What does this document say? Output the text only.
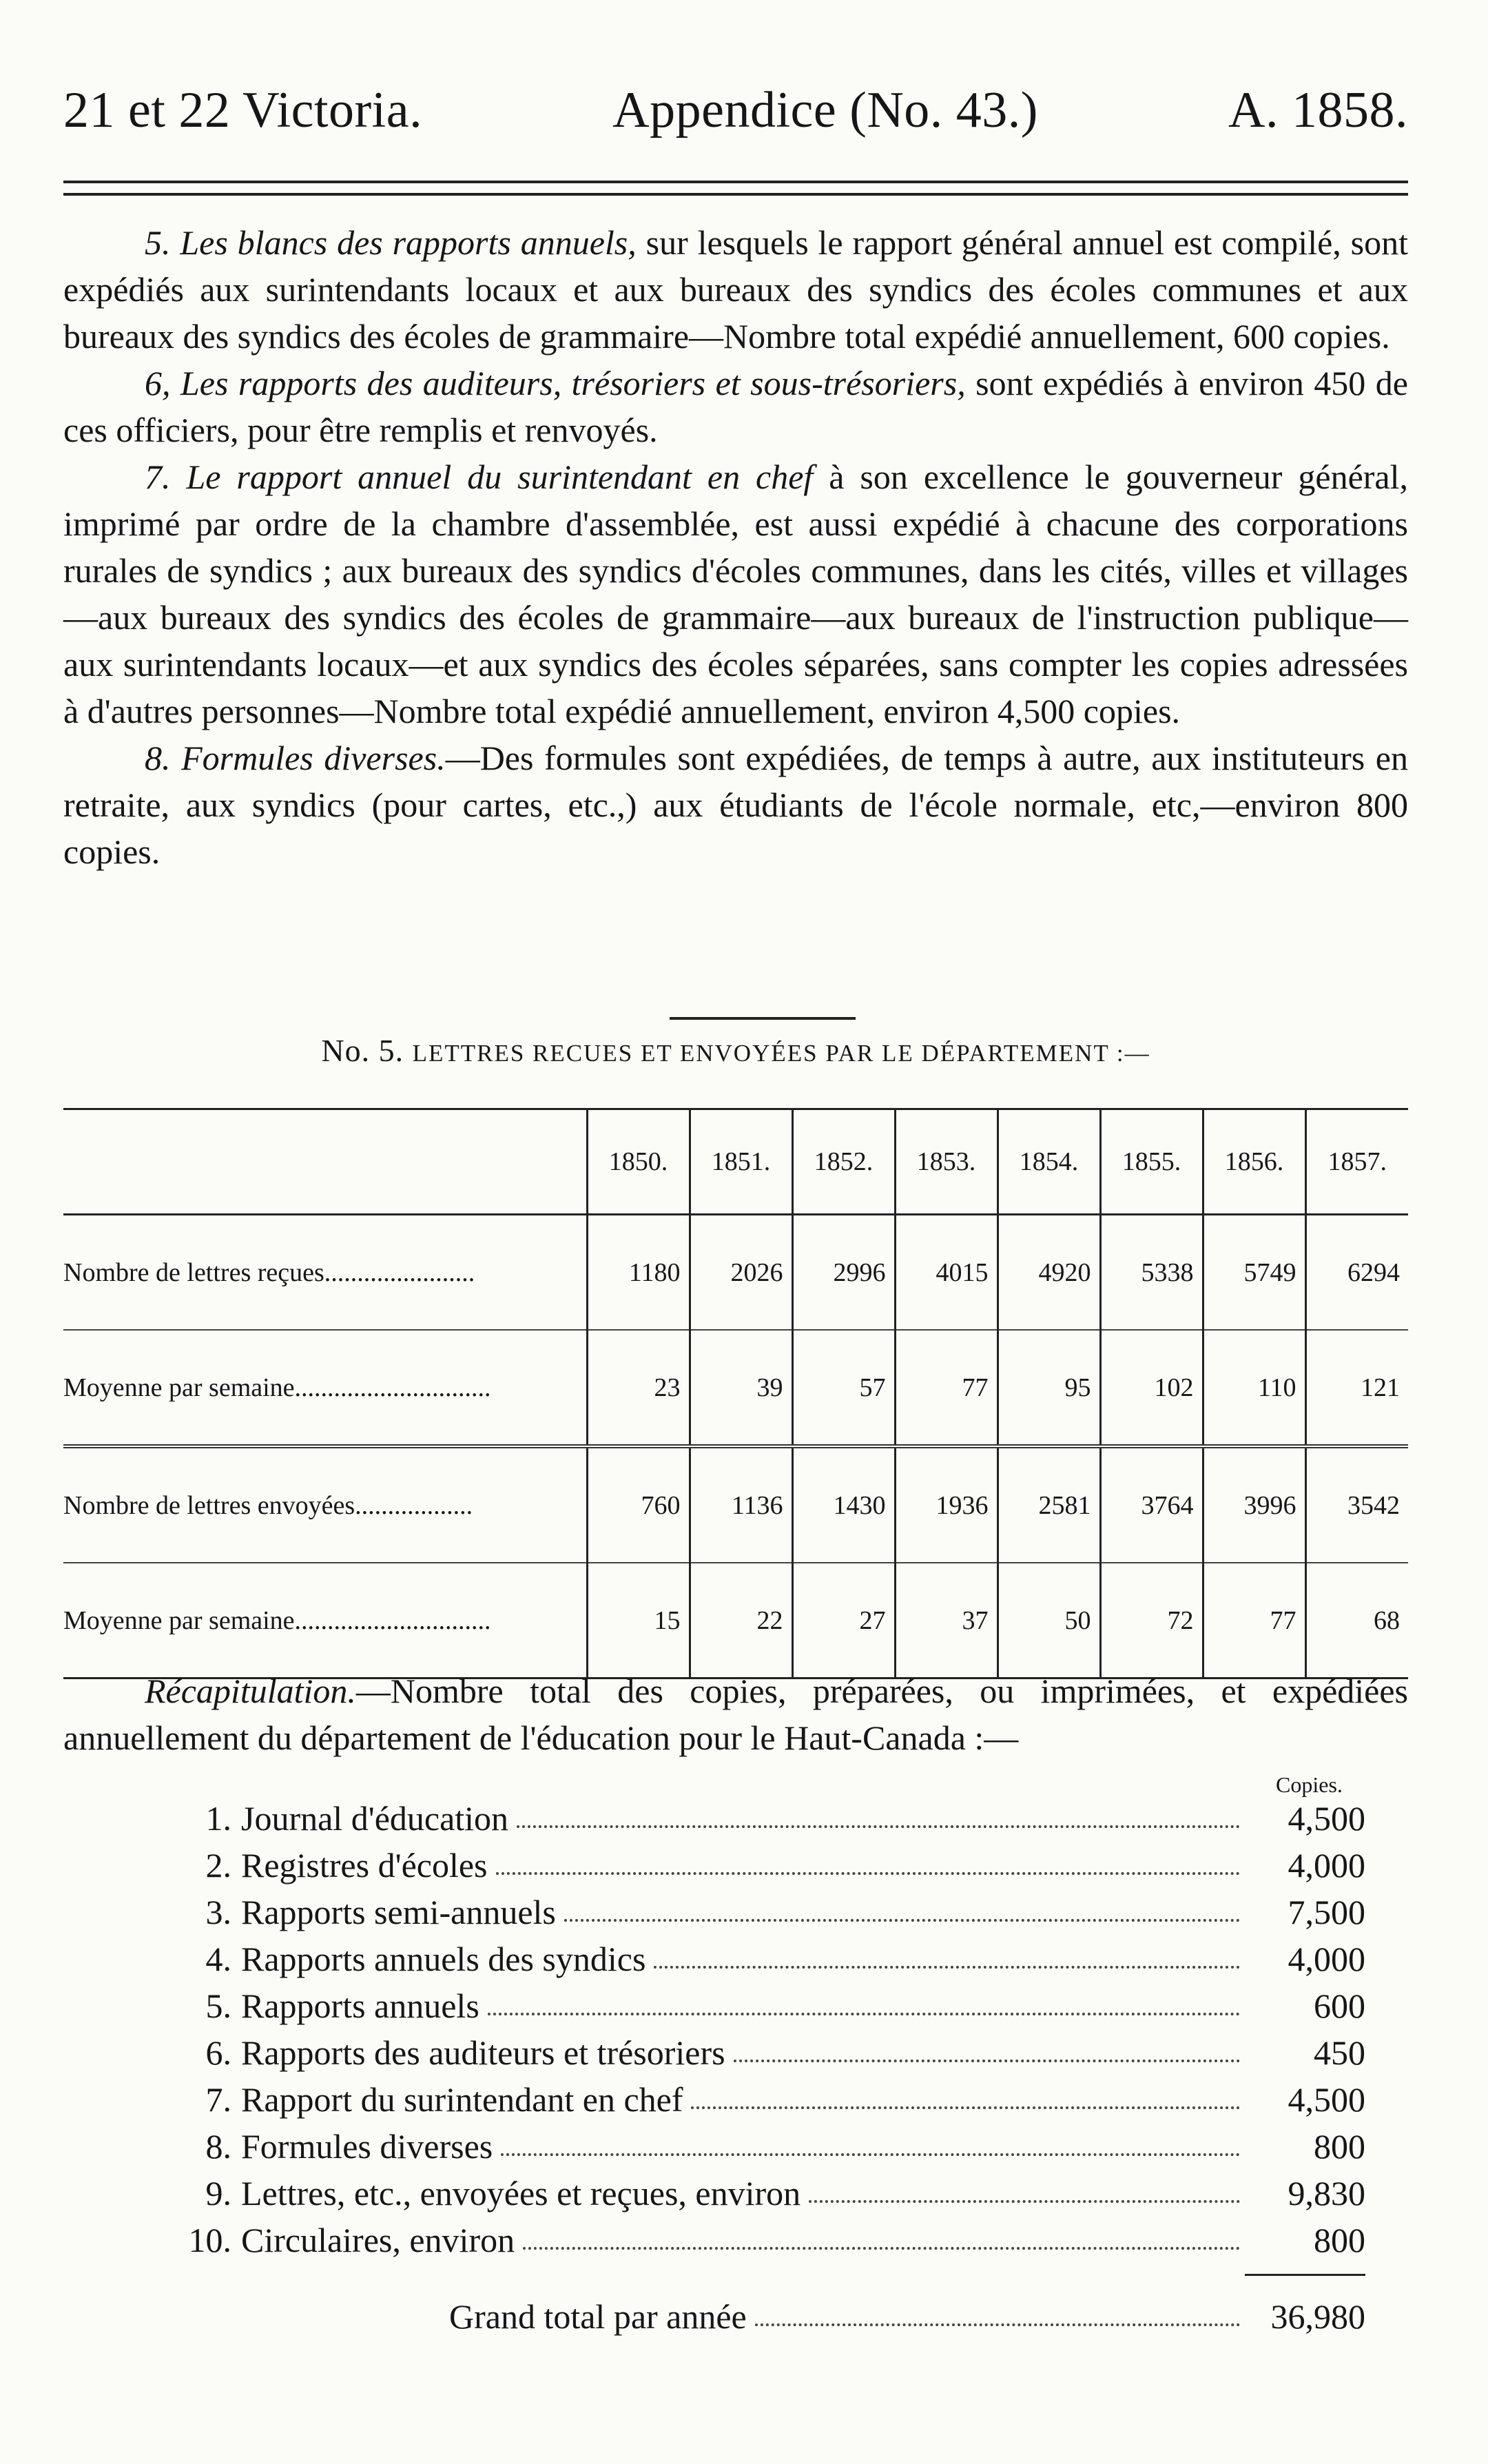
21 et 22 Victoria.	Appendice (No. 43.)	A. 1858.

5. Les blancs des rapports annuels, sur lesquels le rapport général annuel est compilé, sont expédiés aux surintendants locaux et aux bureaux des syndics des écoles communes et aux bureaux des syndics des écoles de grammaire—Nombre total expédié annuellement, 600 copies.

6, Les rapports des auditeurs, trésoriers et sous-trésoriers, sont expédiés à environ 450 de ces officiers, pour être remplis et renvoyés.

7. Le rapport annuel du surintendant en chef à son excellence le gouverneur général, imprimé par ordre de la chambre d'assemblée, est aussi expédié à chacune des corporations rurales de syndics ; aux bureaux des syndics d'écoles communes, dans les cités, villes et villages—aux bureaux des syndics des écoles de grammaire—aux bureaux de l'instruction publique—aux surintendants locaux—et aux syndics des écoles séparées, sans compter les copies adressées à d'autres personnes—Nombre total expédié annuellement, environ 4,500 copies.

8. Formules diverses.—Des formules sont expédiées, de temps à autre, aux instituteurs en retraite, aux syndics (pour cartes, etc.,) aux étudiants de l'école normale, etc,—environ 800 copies.

No. 5. LETTRES RECUES ET ENVOYÉES PAR LE DÉPARTEMENT :—
	1850.	1851.	1852.	1853.	1854.	1855.	1856.	1857.
Nombre de lettres reçues.......................	1180	2026	2996	4015	4920	5338	5749	6294
Moyenne par semaine..............................	23	39	57	77	95	102	110	121
Nombre de lettres envoyées..................	760	1136	1430	1936	2581	3764	3996	3542
Moyenne par semaine..............................	15	22	27	37	50	72	77	68

Récapitulation.—Nombre total des copies, préparées, ou imprimées, et expédiées annuellement du département de l'éducation pour le Haut-Canada :—

Copies.
1. Journal d'éducation	4,500
2. Registres d'écoles	4,000
3. Rapports semi-annuels	7,500
4. Rapports annuels des syndics	4,000
5. Rapports annuels	600
6. Rapports des auditeurs et trésoriers	450
7. Rapport du surintendant en chef	4,500
8. Formules diverses	800
9. Lettres, etc., envoyées et reçues, environ	9,830
10. Circulaires, environ	800
Grand total par année	36,980
